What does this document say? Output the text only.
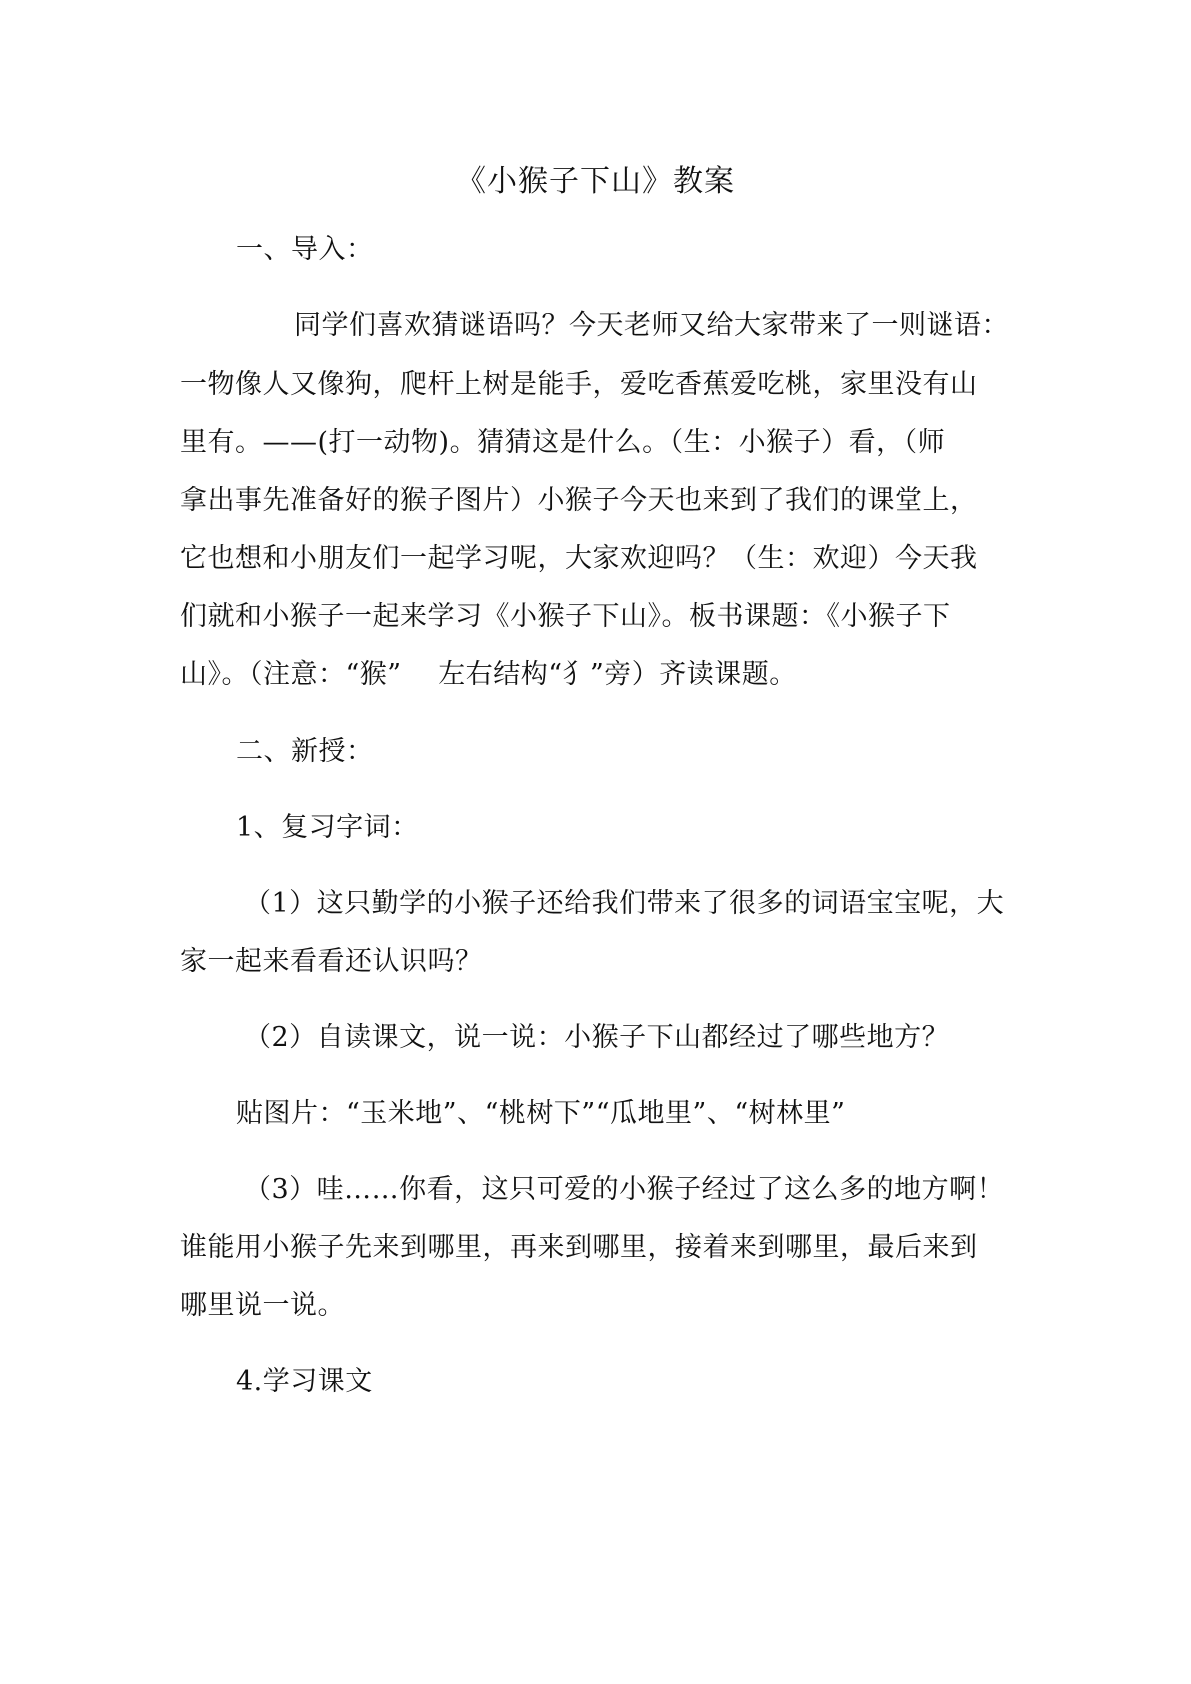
《小猴子下山》教案
一、导入：
同学们喜欢猜谜语吗？今天老师又给大家带来了一则谜语：
一物像人又像狗，爬杆上树是能手，爱吃香蕉爱吃桃，家里没有山
里有。——(打一动物)。猜猜这是什么。（生：小猴子）看，（师
拿出事先准备好的猴子图片）小猴子今天也来到了我们的课堂上，
它也想和小朋友们一起学习呢，大家欢迎吗？（生：欢迎）今天我
们就和小猴子一起来学习《小猴子下山》。板书课题：《小猴子下
山》。（注意：“猴”　 左右结构“犭”旁）齐读课题。
二、新授：
1、复习字词：
（1）这只勤学的小猴子还给我们带来了很多的词语宝宝呢，大
家一起来看看还认识吗？
（2）自读课文，说一说：小猴子下山都经过了哪些地方？
贴图片：“玉米地”、“桃树下”“瓜地里”、“树林里”
（3）哇……你看，这只可爱的小猴子经过了这么多的地方啊！
谁能用小猴子先来到哪里，再来到哪里，接着来到哪里，最后来到
哪里说一说。
4.学习课文
